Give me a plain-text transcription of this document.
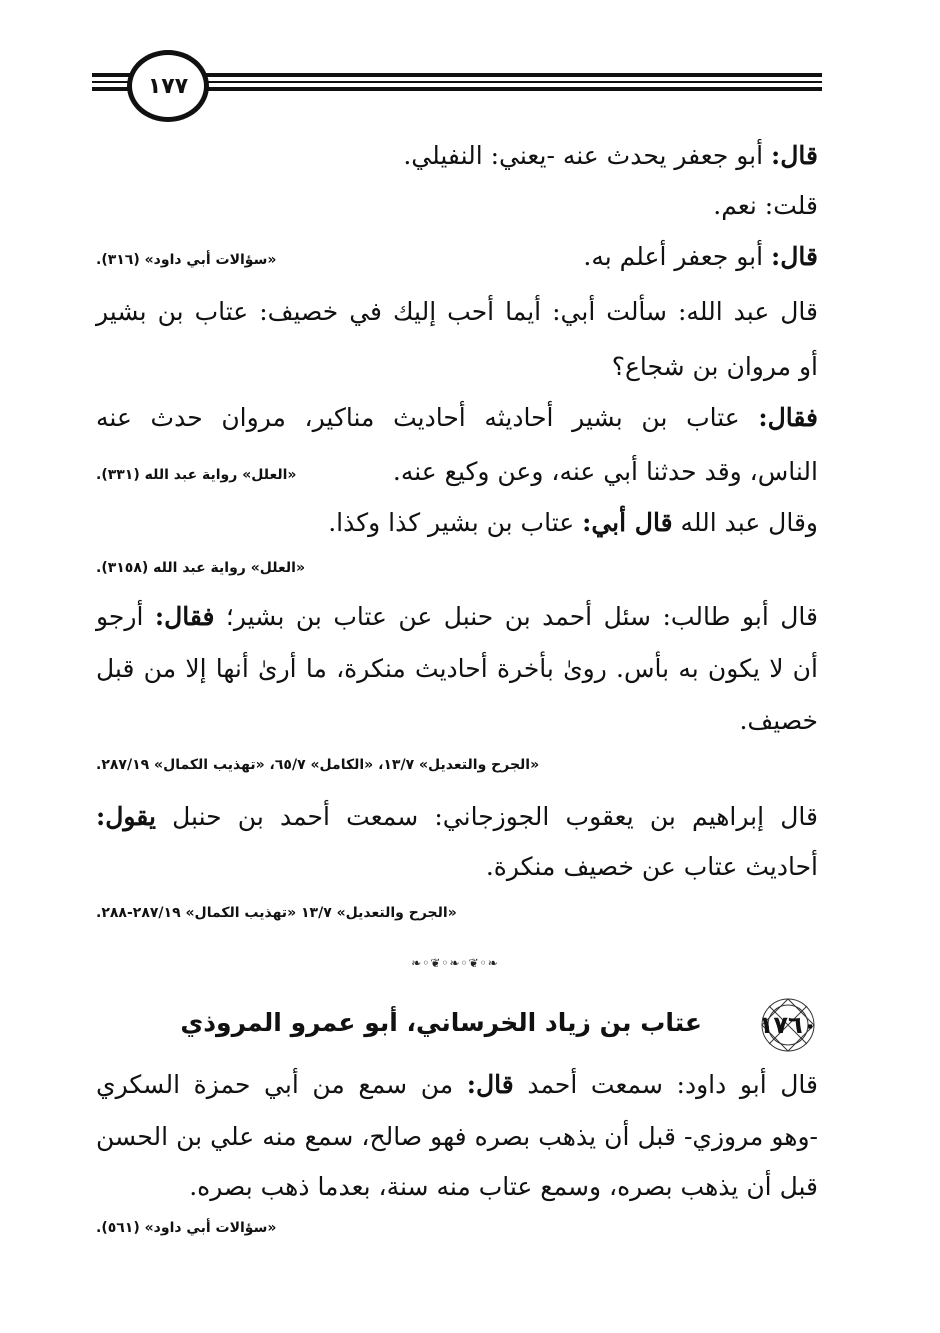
١٧٧
قال: أبو جعفر يحدث عنه -يعني: النفيلي.
قلت: نعم.
قال: أبو جعفر أعلم به.
«سؤالات أبي داود» (٣١٦).
قال عبد الله: سألت أبي: أيما أحب إليك في خصيف: عتاب بن بشير
أو مروان بن شجاع؟
فقال: عتاب بن بشير أحاديثه أحاديث مناكير، مروان حدث عنه
الناس، وقد حدثنا أبي عنه، وعن وكيع عنه.
«العلل» رواية عبد الله (٣٣١).
وقال عبد الله قال أبي: عتاب بن بشير كذا وكذا.
«العلل» رواية عبد الله (٣١٥٨).
قال أبو طالب: سئل أحمد بن حنبل عن عتاب بن بشير؛ فقال: أرجو
أن لا يكون به بأس. روىٰ بأخرة أحاديث منكرة، ما أرىٰ أنها إلا من قبل
خصيف.
«الجرح والتعديل» ١٣/٧، «الكامل» ٦٥/٧، «تهذيب الكمال» ٢٨٧/١٩.
قال إبراهيم بن يعقوب الجوزجاني: سمعت أحمد بن حنبل يقول:
أحاديث عتاب عن خصيف منكرة.
«الجرح والتعديل» ١٣/٧ «تهذيب الكمال» ٢٨٧/١٩-٢٨٨.
❧◦❦◦❧◦❦◦❧
١٧٦٠
عتاب بن زياد الخرساني، أبو عمرو المروذي
قال أبو داود: سمعت أحمد قال: من سمع من أبي حمزة السكري
-وهو مروزي- قبل أن يذهب بصره فهو صالح، سمع منه علي بن الحسن
قبل أن يذهب بصره، وسمع عتاب منه سنة، بعدما ذهب بصره.
«سؤالات أبي داود» (٥٦١).
